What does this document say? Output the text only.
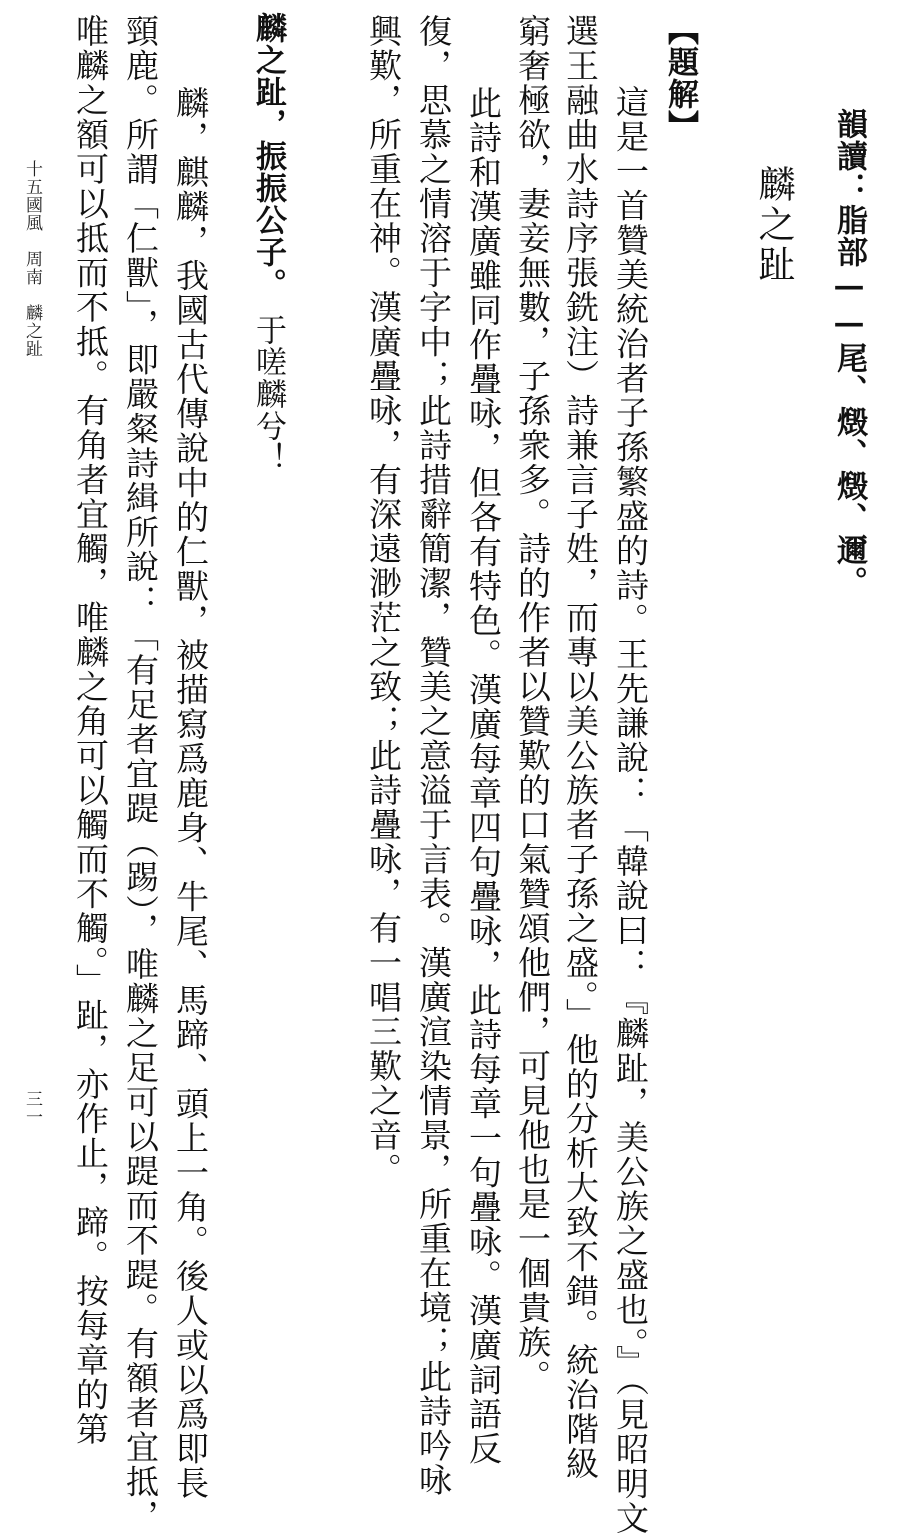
韻讀：脂部——尾、燬、燬、邇。
麟之趾
【題解】
這是一首贊美統治者子孫繁盛的詩。王先謙說：「韓說曰：『麟趾，美公族之盛也。』（見昭明文
選王融曲水詩序張銑注）詩兼言子姓，而專以美公族者子孫之盛。」他的分析大致不錯。統治階級
窮奢極欲，妻妾無數，子孫衆多。詩的作者以贊歎的口氣贊頌他們，可見他也是一個貴族。
此詩和漢廣雖同作疊咏，但各有特色。漢廣每章四句疊咏，此詩每章一句疊咏。漢廣詞語反
復，思慕之情溶于字中；此詩措辭簡潔，贊美之意溢于言表。漢廣渲染情景，所重在境；此詩吟咏
興歎，所重在神。漢廣疊咏，有深遠渺茫之致；此詩疊咏，有一唱三歎之音。
麟之趾，振振公子。于嗟麟兮！
麟，麒麟，我國古代傳說中的仁獸，被描寫爲鹿身、牛尾、馬蹄、頭上一角。後人或以爲即長
頸鹿。所謂「仁獸」，即嚴粲詩緝所說：「有足者宜踶（踢），唯麟之足可以踶而不踶。有額者宜抵，
唯麟之額可以抵而不抵。有角者宜觸，唯麟之角可以觸而不觸。」趾，亦作止，蹄。按每章的第
十五國風　周南　麟之趾
三一
